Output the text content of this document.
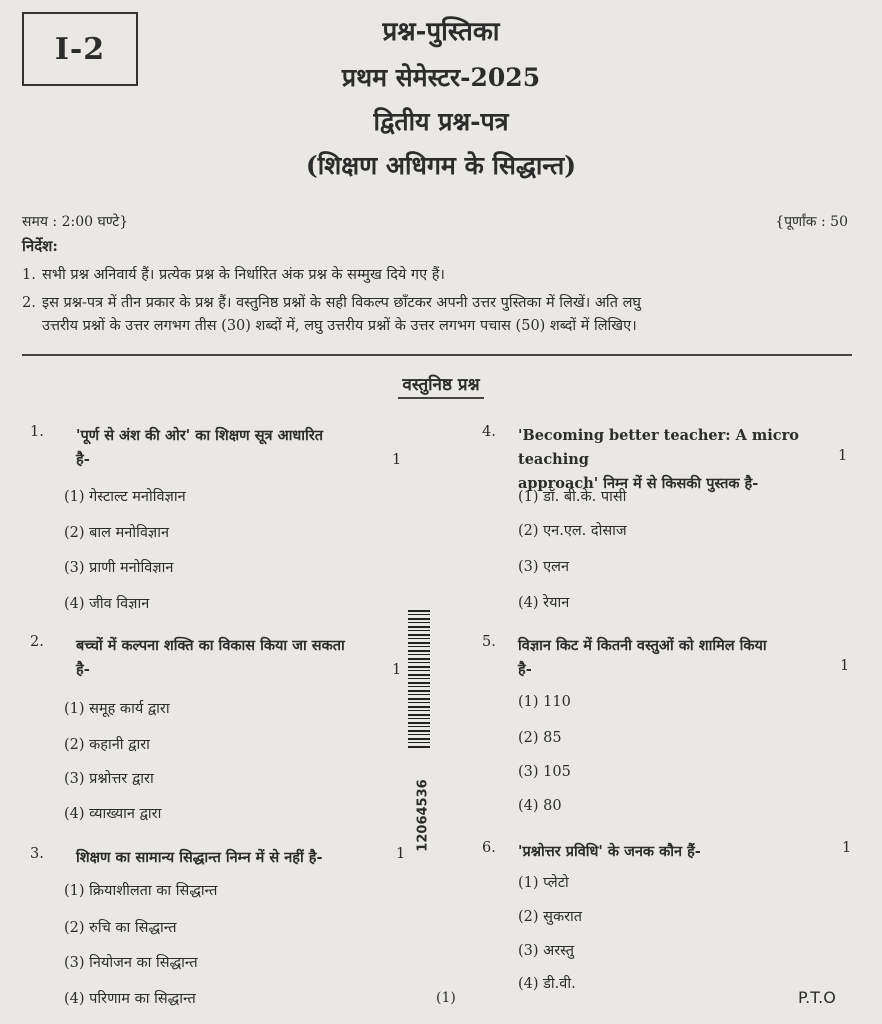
I-2	प्रश्न-पुस्तिका
प्रथम सेमेस्टर-2025
द्वितीय प्रश्न-पत्र
(शिक्षण अधिगम के सिद्धान्त)
समय : 2:00 घण्टे}	{पूर्णांक : 50
निर्देश:
1. सभी प्रश्न अनिवार्य हैं। प्रत्येक प्रश्न के निर्धारित अंक प्रश्न के सम्मुख दिये गए हैं।
2. इस प्रश्न-पत्र में तीन प्रकार के प्रश्न हैं। वस्तुनिष्ठ प्रश्नों के सही विकल्प छाँटकर अपनी उत्तर पुस्तिका में लिखें। अति लघु
उत्तरीय प्रश्नों के उत्तर लगभग तीस (30) शब्दों में, लघु उत्तरीय प्रश्नों के उत्तर लगभग पचास (50) शब्दों में लिखिए।
वस्तुनिष्ठ प्रश्न
1. 'पूर्ण से अंश की ओर' का शिक्षण सूत्र आधारित
है-	1
(1) गेस्टाल्ट मनोविज्ञान
(2) बाल मनोविज्ञान
(3) प्राणी मनोविज्ञान
(4) जीव विज्ञान
2. बच्चों में कल्पना शक्ति का विकास किया जा सकता
है-	1
(1) समूह कार्य द्वारा
(2) कहानी द्वारा
(3) प्रश्नोत्तर द्वारा
(4) व्याख्यान द्वारा
3. शिक्षण का सामान्य सिद्धान्त निम्न में से नहीं है-	1
(1) क्रियाशीलता का सिद्धान्त
(2) रुचि का सिद्धान्त
(3) नियोजन का सिद्धान्त
(4) परिणाम का सिद्धान्त
4. 'Becoming better teacher: A micro teaching
approach' निम्न में से किसकी पुस्तक है-
1
(1) डॉ. बी.के. पासी
(2) एन.एल. दोसाज
(3) एलन
(4) रेयान
5. विज्ञान किट में कितनी वस्तुओं को शामिल किया
है-	1
(1) 110
(2) 85
(3) 105
(4) 80
6. 'प्रश्नोत्तर प्रविधि' के जनक कौन हैं-	1
(1) प्लेटो
(2) सुकरात
(3) अरस्तु
(4) डी.वी.
12064536
(1)	P.T.O
